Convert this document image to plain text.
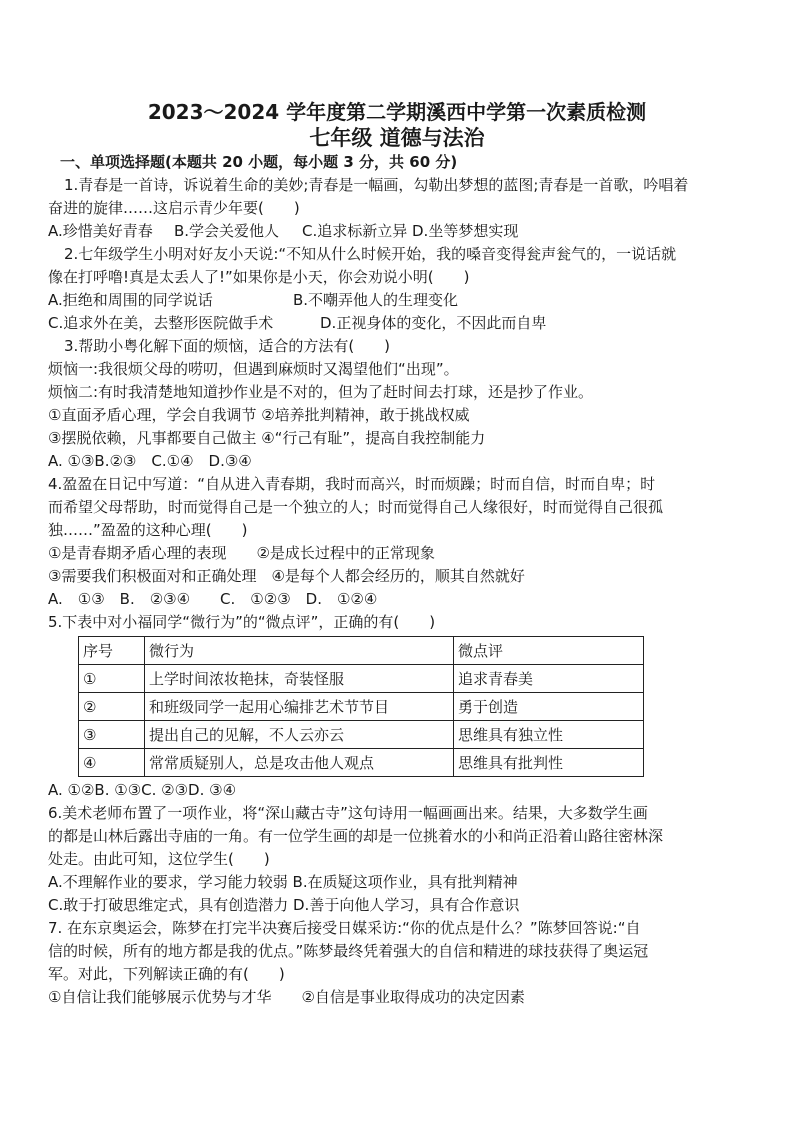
2023～2024 学年度第二学期溪西中学第一次素质检测
七年级 道德与法治
一、单项选择题(本题共 20 小题，每小题 3 分，共 60 分)
1.青春是一首诗，诉说着生命的美妙;青春是一幅画，勾勒出梦想的蓝图;青春是一首歌，吟唱着
奋进的旋律……这启示青少年要(　　)
A.珍惜美好青春	B.学会关爱他人	C.追求标新立异 D.坐等梦想实现
2.七年级学生小明对好友小天说:“不知从什么时候开始，我的嗓音变得瓮声瓮气的，一说话就
像在打呼噜!真是太丢人了!”如果你是小天，你会劝说小明(　　)
A.拒绝和周围的同学说话	B.不嘲弄他人的生理变化
C.追求外在美，去整形医院做手术	D.正视身体的变化，不因此而自卑
3.帮助小粤化解下面的烦恼，适合的方法有(　　)
烦恼一:我很烦父母的唠叨，但遇到麻烦时又渴望他们“出现”。
烦恼二:有时我清楚地知道抄作业是不对的，但为了赶时间去打球，还是抄了作业。
①直面矛盾心理，学会自我调节 ②培养批判精神，敢于挑战权威
③摆脱依赖，凡事都要自己做主 ④“行己有耻”，提高自我控制能力
A. ①③B.②③　C.①④　D.③④
4.盈盈在日记中写道：“自从进入青春期，我时而高兴，时而烦躁；时而自信，时而自卑；时
而希望父母帮助，时而觉得自己是一个独立的人；时而觉得自己人缘很好，时而觉得自己很孤
独……”盈盈的这种心理(　　)
①是青春期矛盾心理的表现　　②是成长过程中的正常现象
③需要我们积极面对和正确处理　④是每个人都会经历的，顺其自然就好
A.　①③　B.　②③④　　C.　①②③　D.　①②④
5.下表中对小福同学“微行为”的“微点评”，正确的有(　　)
序号	微行为	微点评
①	上学时间浓妆艳抹，奇装怪服	追求青春美
②	和班级同学一起用心编排艺术节节目	勇于创造
③	提出自己的见解，不人云亦云	思维具有独立性
④	常常质疑别人，总是攻击他人观点	思维具有批判性
A. ①②B. ①③C. ②③D. ③④
6.美术老师布置了一项作业，将“深山藏古寺”这句诗用一幅画画出来。结果，大多数学生画
的都是山林后露出寺庙的一角。有一位学生画的却是一位挑着水的小和尚正沿着山路往密林深
处走。由此可知，这位学生(　　)
A.不理解作业的要求，学习能力较弱 B.在质疑这项作业，具有批判精神
C.敢于打破思维定式，具有创造潜力 D.善于向他人学习，具有合作意识
7. 在东京奥运会，陈梦在打完半决赛后接受日媒采访:“你的优点是什么？”陈梦回答说:“自
信的时候，所有的地方都是我的优点。”陈梦最终凭着强大的自信和精进的球技获得了奥运冠
军。对此，下列解读正确的有(　　)
①自信让我们能够展示优势与才华　　②自信是事业取得成功的决定因素
